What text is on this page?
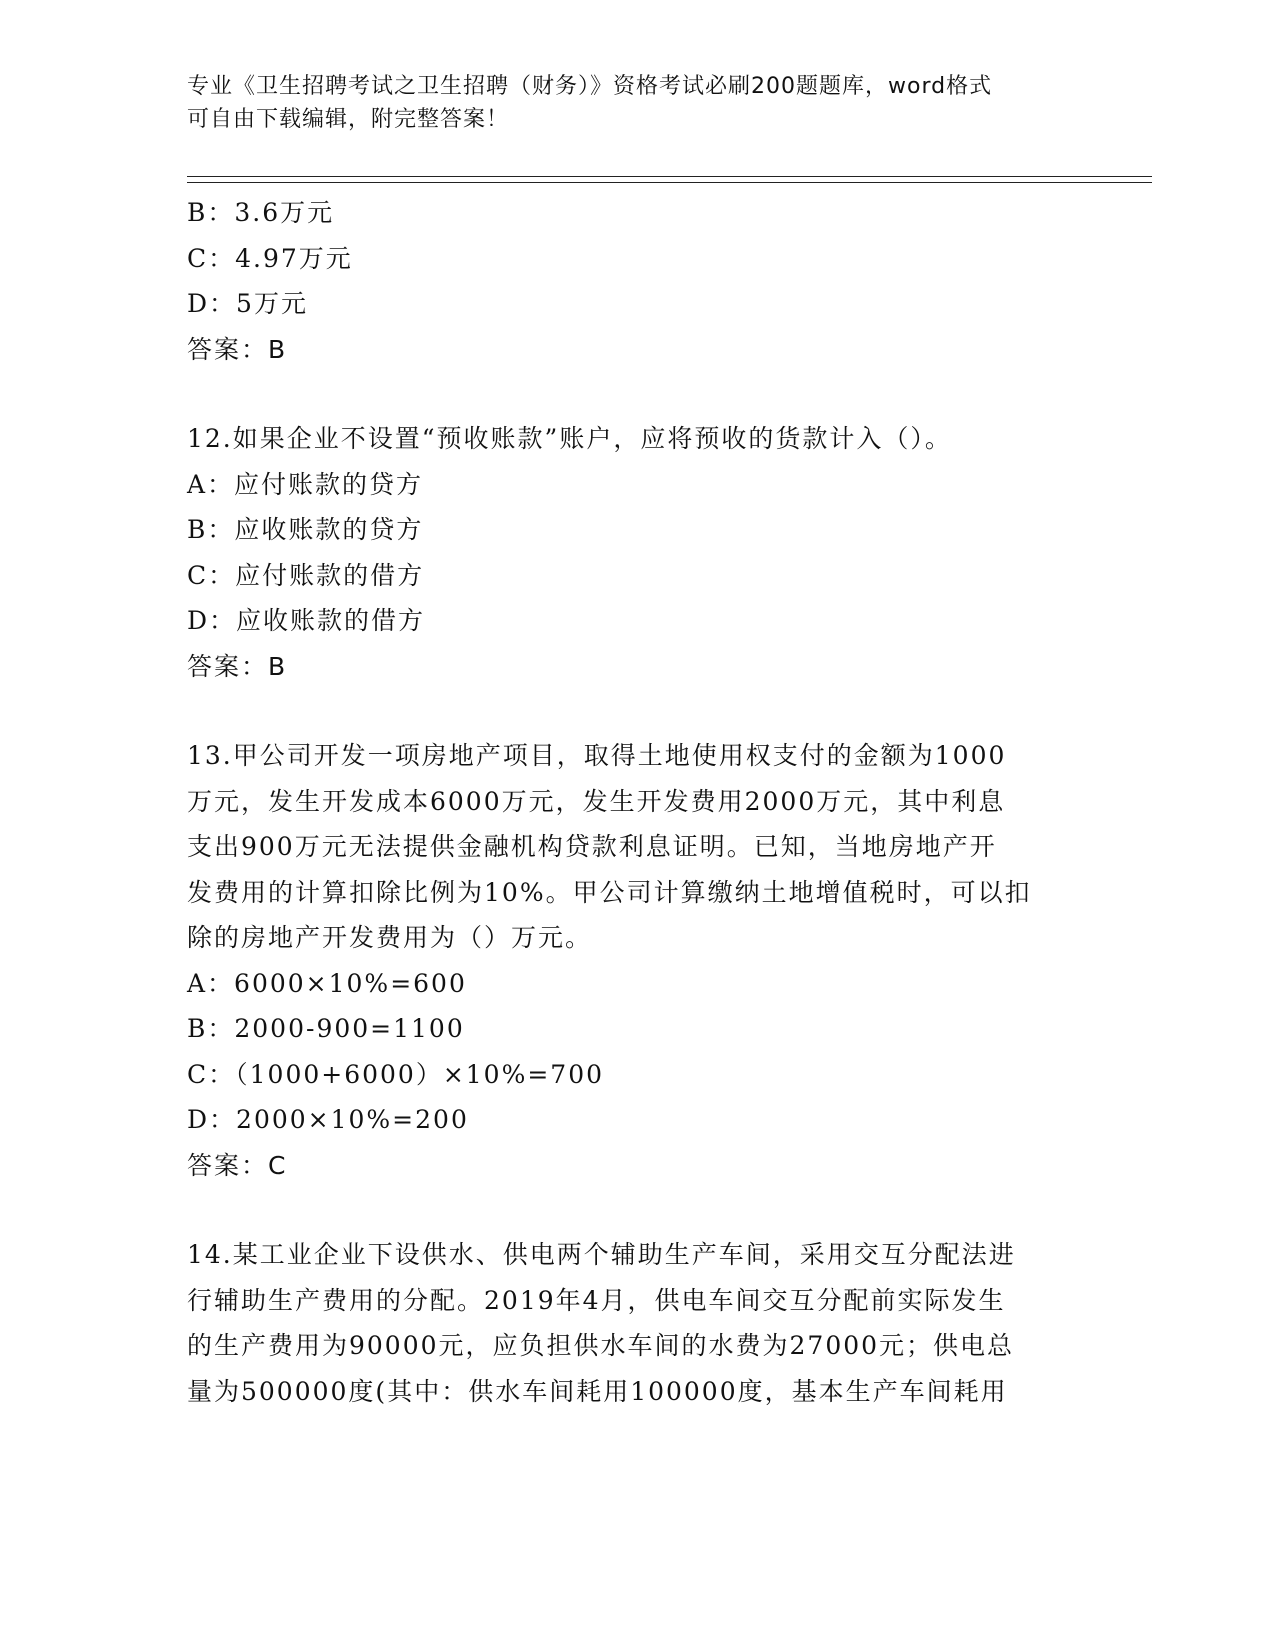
专业《卫生招聘考试之卫生招聘（财务）》资格考试必刷200题题库，word格式
可自由下载编辑，附完整答案！
B：3.6万元
C：4.97万元
D：5万元
答案：B
12.如果企业不设置“预收账款”账户，应将预收的货款计入（）。
A：应付账款的贷方
B：应收账款的贷方
C：应付账款的借方
D：应收账款的借方
答案：B
13.甲公司开发一项房地产项目，取得土地使用权支付的金额为1000
万元，发生开发成本6000万元，发生开发费用2000万元，其中利息
支出900万元无法提供金融机构贷款利息证明。已知，当地房地产开
发费用的计算扣除比例为10%。甲公司计算缴纳土地增值税时，可以扣
除的房地产开发费用为（）万元。
A：6000×10%=600
B：2000-900=1100
C：（1000+6000）×10%=700
D：2000×10%=200
答案：C
14.某工业企业下设供水、供电两个辅助生产车间，采用交互分配法进
行辅助生产费用的分配。2019年4月，供电车间交互分配前实际发生
的生产费用为90000元，应负担供水车间的水费为27000元；供电总
量为500000度(其中：供水车间耗用100000度，基本生产车间耗用
